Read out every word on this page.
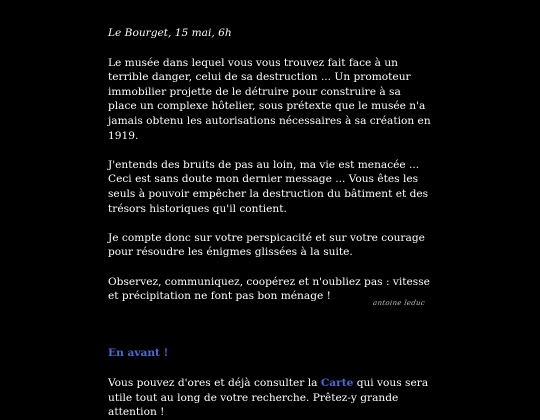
Le Bourget, 15 mai, 6h

Le musée dans lequel vous vous trouvez fait face à un terrible danger, celui de sa destruction ... Un promoteur immobilier projette de le détruire pour construire à sa place un complexe hôtelier, sous prétexte que le musée n'a jamais obtenu les autorisations nécessaires à sa création en 1919.

J'entends des bruits de pas au loin, ma vie est menacée ... Ceci est sans doute mon dernier message ... Vous êtes les seuls à pouvoir empêcher la destruction du bâtiment et des trésors historiques qu'il contient.

Je compte donc sur votre perspicacité et sur votre courage pour résoudre les énigmes glissées à la suite.

Observez, communiquez, coopérez et n'oubliez pas : vitesse et précipitation ne font pas bon ménage !

antoine leduc
En avant !

Vous pouvez d'ores et déjà consulter la Carte qui vous sera utile tout au long de votre recherche. Prêtez-y grande attention !
